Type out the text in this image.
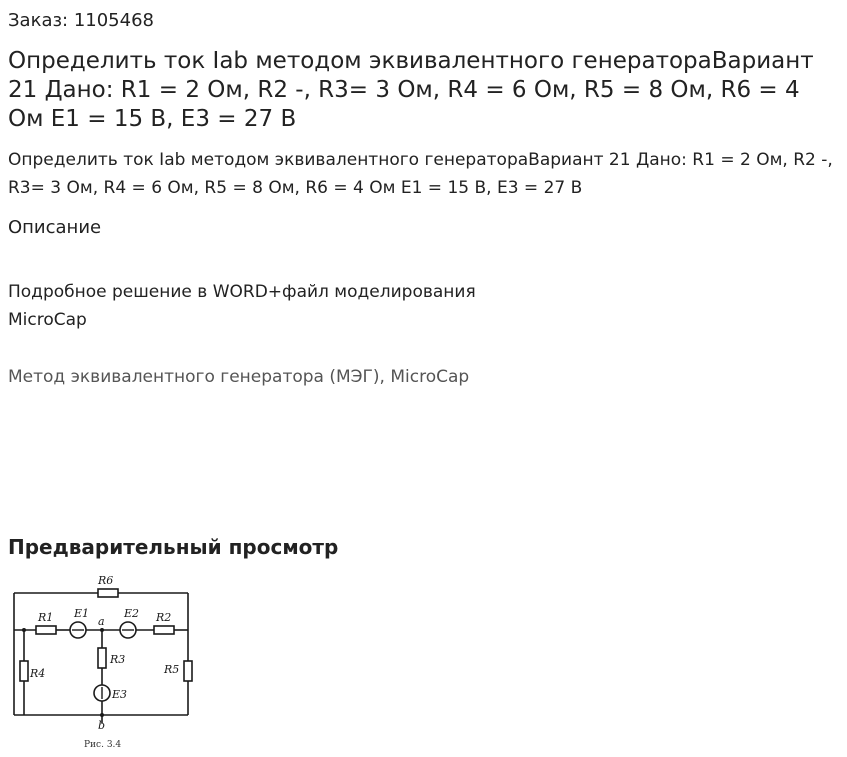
Заказ: 1105468
Определить ток Iab методом эквивалентного генератораВариант 21 Дано: R1 = 2 Ом, R2 -, R3= 3 Ом, R4 = 6 Ом, R5 = 8 Ом, R6 = 4 Ом E1 = 15 В, E3 = 27 В
Определить ток Iab методом эквивалентного генератораВариант 21 Дано: R1 = 2 Ом, R2 -, R3= 3 Ом, R4 = 6 Ом, R5 = 8 Ом, R6 = 4 Ом E1 = 15 В, E3 = 27 В
Описание
Подробное решение в WORD+файл моделирования MicroCap
Метод эквивалентного генератора (МЭГ), MicroCap
Предварительный просмотр
R6
R1 E1	E2 R2
a
R3
R4	R5
E3
b
Рис. 3.4
